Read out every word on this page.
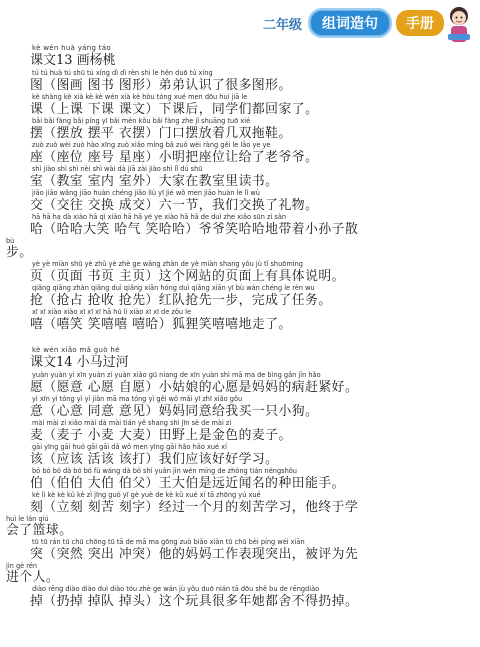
二年级	组词造句	手册
kè wén huà yáng táo
课文13 画杨桃
tú tú huà tú shū tú xíng dì dì rèn shi le hěn duō tú xíng
图（图画 图书 图形）弟弟认识了很多图形。
kè shàng kè xià kè kè wén xià kè hòu tóng xué men dōu huí jiā le
课（上课 下课 课文）下课后，同学们都回家了。
bǎi bǎi fàng bǎi píng yī bǎi mén kǒu bǎi fàng zhe jǐ shuāng tuō xié
摆（摆放 摆平 衣摆）门口摆放着几双拖鞋。
zuò zuò wèi zuò hào xīng zuò xiǎo míng bǎ zuò wèi ràng gěi le lǎo ye ye
座（座位 座号 星座）小明把座位让给了老爷爷。
shì jiào shì shì nèi shì wài dà jiā zài jiào shì lǐ dú shū
室（教室 室内 室外）大家在教室里读书。
jiāo jiāo wǎng jiāo huàn chéng jiāo liù yī jié wǒ men jiāo huàn le lǐ wù
交（交往 交换 成交）六一节，我们交换了礼物。
hā hā ha dà xiào hā qì xiào hā hā yé ye xiào hā hā de duì zhe xiǎo sūn zi sàn
哈（哈哈大笑 哈气 笑哈哈）爷爷笑哈哈地带着小孙子散
bù
步。
yè yè miàn shū yè zhǔ yè zhè ge wǎng zhàn de yè miàn shang yǒu jù tǐ shuōming
页（页面 书页 主页）这个网站的页面上有具体说明。
qiǎng qiǎng zhàn qiǎng duì qiǎng xiān hóng duì qiǎng xiān yī bù wán chéng le rèn wu
抢（抢占 抢收 抢先）红队抢先一步，完成了任务。
xī xī xiào xiào xī xī xī hā hú li xiào xī xī de zǒu le
嘻（嘻笑 笑嘻嘻 嘻哈）狐狸笑嘻嘻地走了。
kè wén xiǎo mǎ guò hé
课文14 小马过河
yuàn yuàn yì xīn yuàn zì yuàn xiǎo gū niang de xīn yuàn shì mā ma de bìng gǎn jǐn hǎo
愿（愿意 心愿 自愿）小姑娘的心愿是妈妈的病赶紧好。
yì xīn yì tóng yì yì jiàn mā ma tóng yì gěi wǒ mǎi yī zhī xiǎo gǒu
意（心意 同意 意见）妈妈同意给我买一只小狗。
mài mài zi xiǎo mài dà mài tián yě shang shì jīn sè de mài zi
麦（麦子 小麦 大麦）田野上是金色的麦子。
gāi yīng gāi huó gāi gāi dǎ wǒ men yīng gāi hǎo hǎo xué xí
该（应该 活该 该打）我们应该好好学习。
bó bó bó dà bó bó fù wáng dà bó shì yuǎn jìn wén míng de zhòng tián néngshǒu
伯（伯伯 大伯 伯父）王大伯是远近闻名的种田能手。
kè lì kè kè kǔ kè zì jīng guò yī gè yuè de kè kǔ xué xí tā zhōng yú xué
刻（立刻 刻苦 刻字）经过一个月的刻苦学习，他终于学
huì le lán qiú
会了篮球。
tū tū rán tū chū chōng tū tā de mā ma gōng zuò biǎo xiàn tū chū bèi píng wéi xiān
突（突然 突出 冲突）他的妈妈工作表现突出，被评为先
jìn gè rén
进个人。
diào rēng diào diào duì diào tóu zhè ge wán jù yǒu duō nián tā dōu shě bu de rēngdiào
掉（扔掉 掉队 掉头）这个玩具很多年她都舍不得扔掉。
